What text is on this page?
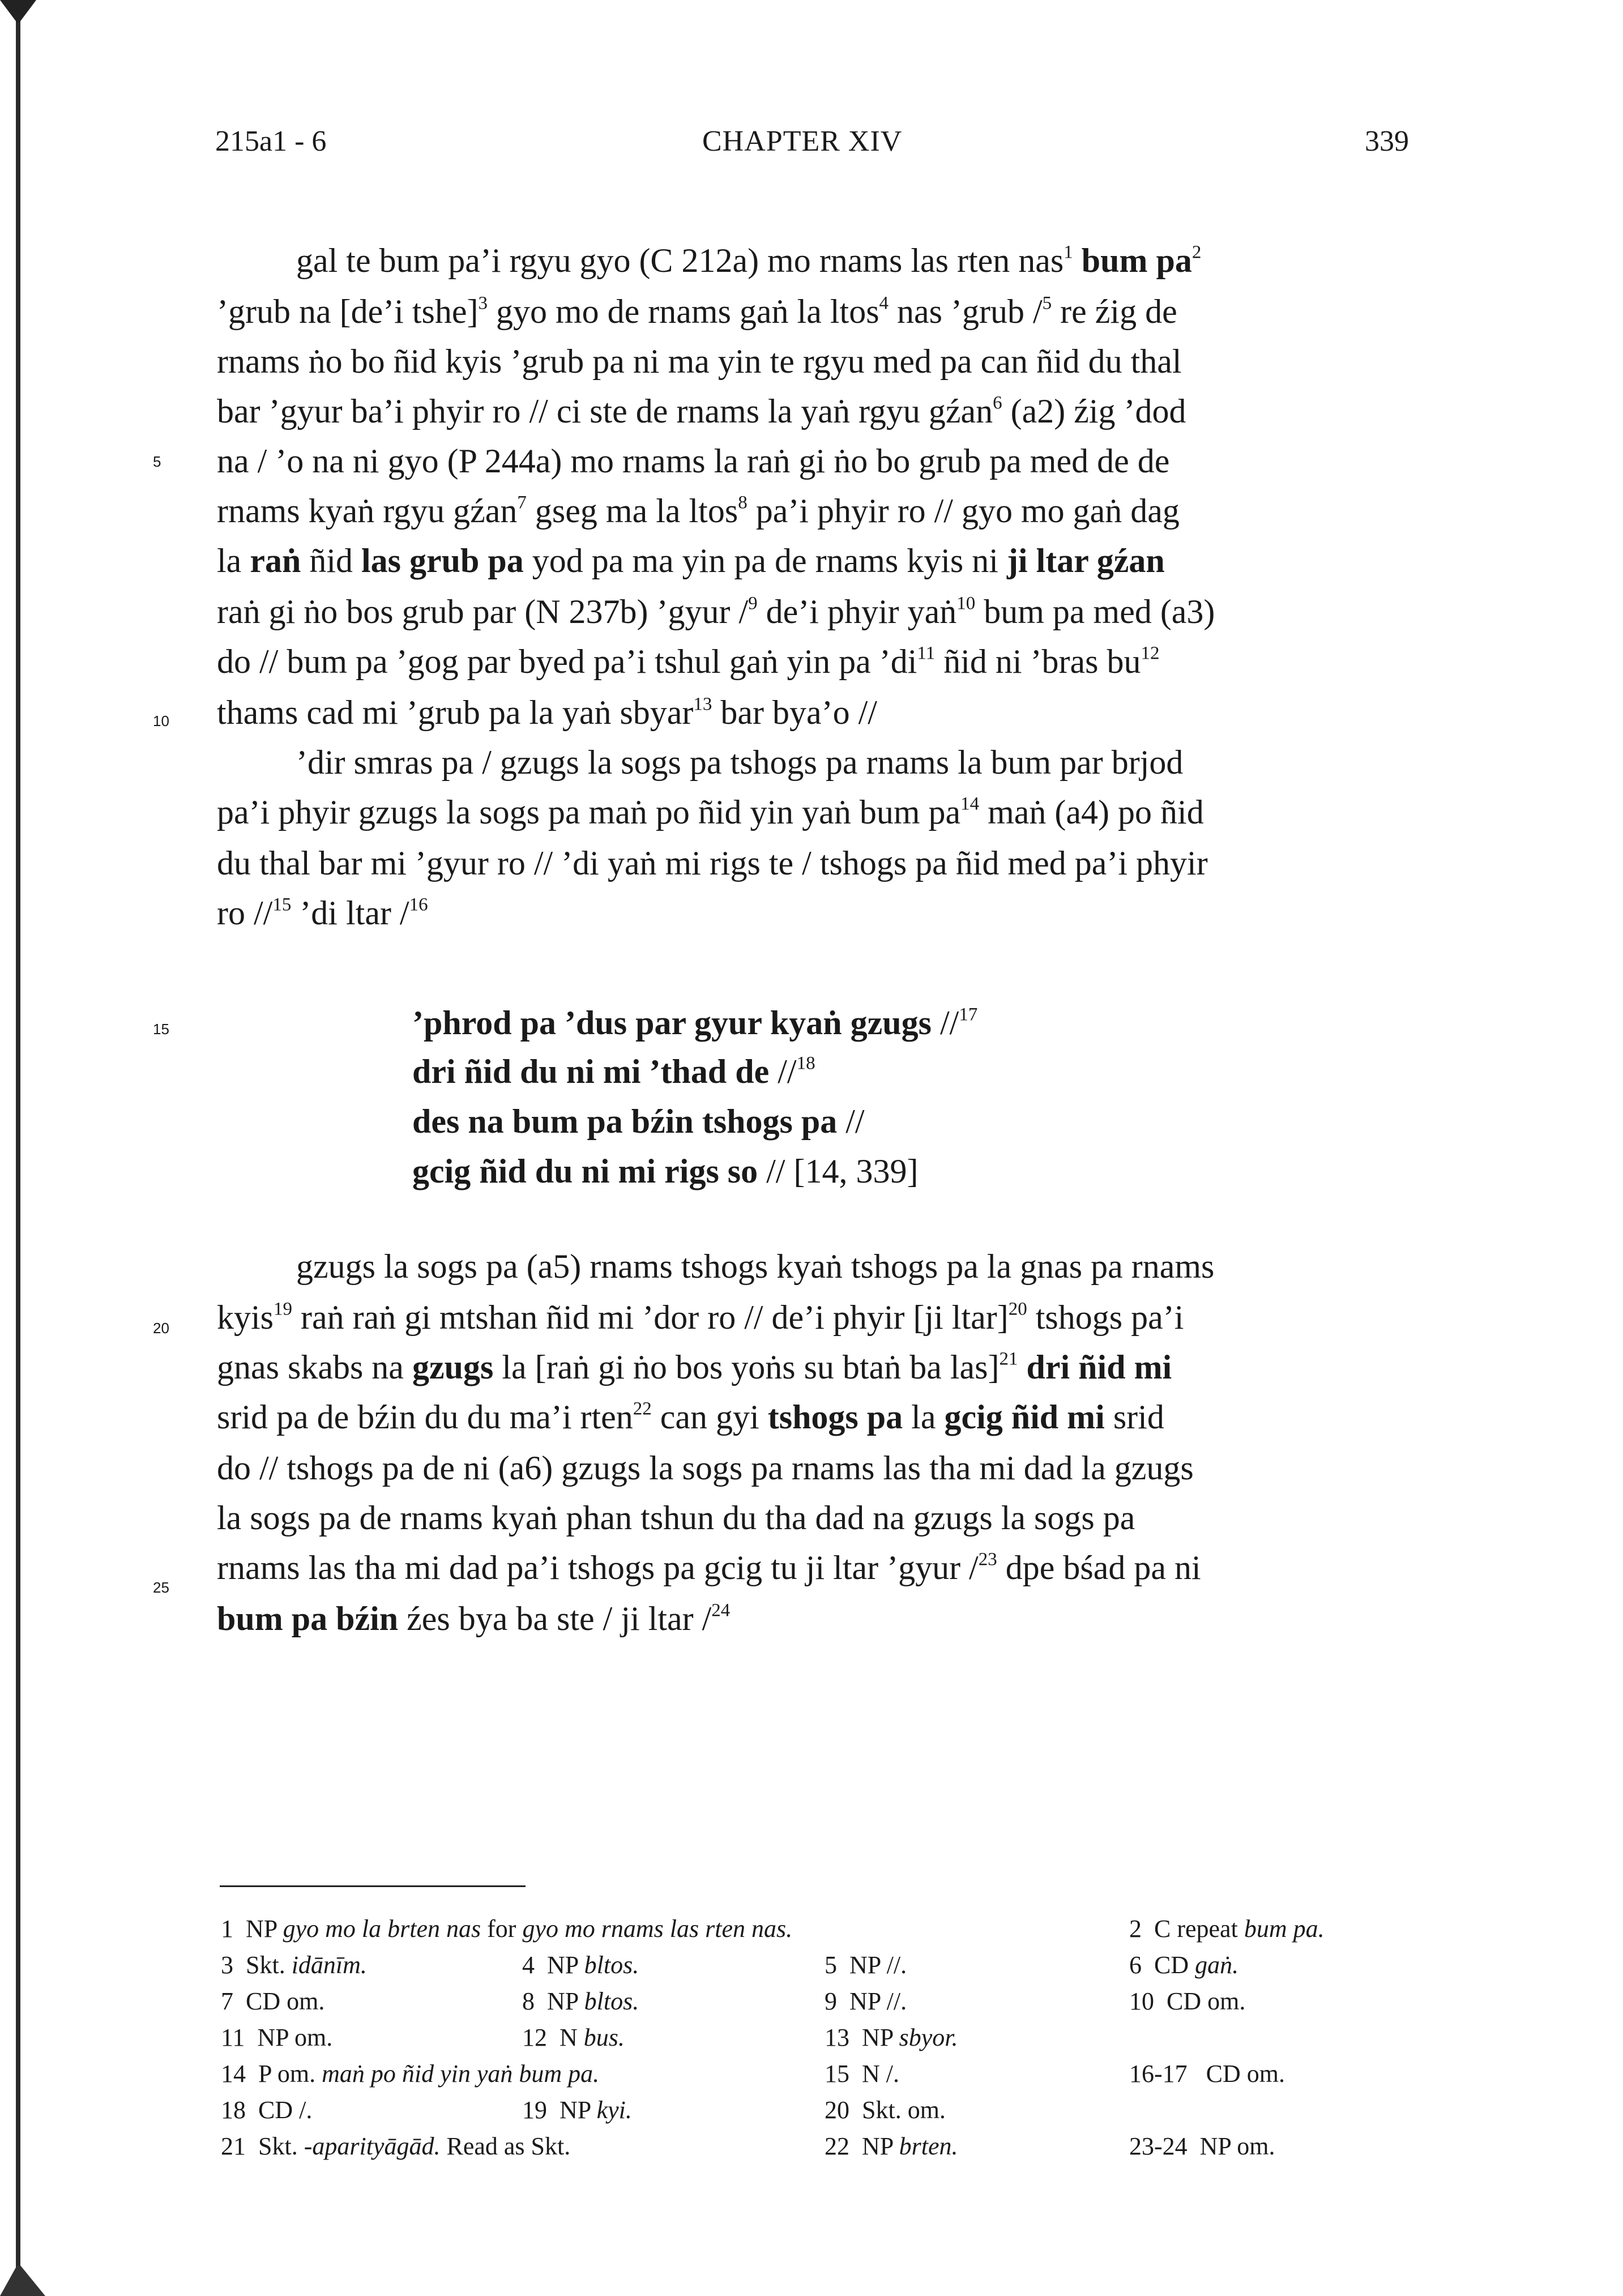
215a1 - 6	CHAPTER XIV	339
5
10
15
20
25
gal te bum pa’i rgyu gyo (C 212a) mo rnams las rten nas$^1$ bum $pa^2$
’grub na [de’i tshe]$^3$ gyo mo de rnams gaṅ la ltos$^4$ nas ’grub /$^5$ re źig de
rnams ṅo bo ñid kyis ’grub pa ni ma yin te rgyu med pa can ñid du thal
bar ’gyur ba’i phyir ro // ci ste de rnams la yaṅ rgyu gźan$^6$ (a2) źig ’dod
na / ’o na ni gyo (P 244a) mo rnams la raṅ gi ṅo bo grub pa med de de
rnams kyaṅ rgyu gźan$^7$ gseg ma la ltos$^8$ pa’i phyir ro // gyo mo gaṅ dag
la raṅ ñid las grub pa yod pa ma yin pa de rnams kyis ni ji ltar gźan
raṅ gi ṅo bos grub par (N 237b) ’gyur /$^9$ de’i phyir yaṅ$^{10}$ bum pa med (a3)
do // bum pa ’gog par byed pa’i tshul gaṅ yin pa $’di^{11}$ ñid ni ’bras $bu^{12}$
thams cad mi ’grub pa la yaṅ sbyar$^{13}$ bar bya’o //
’dir smras pa / gzugs la sogs pa tshogs pa rnams la bum par brjod
pa’i phyir gzugs la sogs pa maṅ po ñid yin yaṅ bum $pa^{14}$ maṅ (a4) po ñid
du thal bar mi ’gyur ro // ’di yaṅ mi rigs te / tshogs pa ñid med pa’i phyir
ro //$^{15}$ ’di ltar /$^{16}$
’phrod pa ’dus par gyur kyaṅ gzugs //$^{17}$
dri ñid du ni mi ’thad de //$^{18}$
des na bum pa bźin tshogs pa //
gcig ñid du ni mi rigs so // [14, 339]
gzugs la sogs pa (a5) rnams tshogs kyaṅ tshogs pa la gnas pa rnams
kyis$^{19}$ raṅ raṅ gi mtshan ñid mi ’dor ro // de’i phyir [ji ltar]$^{20}$ tshogs pa’i
gnas skabs na gzugs la [raṅ gi ṅo bos yoṅs su btaṅ ba las]$^{21}$ dri ñid mi
srid pa de bźin du du ma’i rten$^{22}$ can gyi tshogs pa la gcig ñid mi srid
do // tshogs pa de ni (a6) gzugs la sogs pa rnams las tha mi dad la gzugs
la sogs pa de rnams kyaṅ phan tshun du tha dad na gzugs la sogs pa
rnams las tha mi dad pa’i tshogs pa gcig tu ji ltar ’gyur /$^{23}$ dpe bśad pa ni
bum pa bźin źes bya ba ste / ji ltar /$^{24}$
1 NP gyo mo la brten nas for gyo mo rnams las rten nas.	2 C repeat bum pa.
3 Skt. idānīm.	4 NP bltos.	5 NP //.	6 CD gaṅ.
7 CD om.	8 NP bltos.	9 NP //.	10 CD om.
11 NP om.	12 N bus.	13 NP sbyor.
14 P om. maṅ po ñid yin yaṅ bum pa.	15 N /.	16-17 CD om.
18 CD /.	19 NP kyi.	20 Skt. om.
21 Skt. -aparityāgād. Read as Skt.	22 NP brten.	23-24 NP om.
